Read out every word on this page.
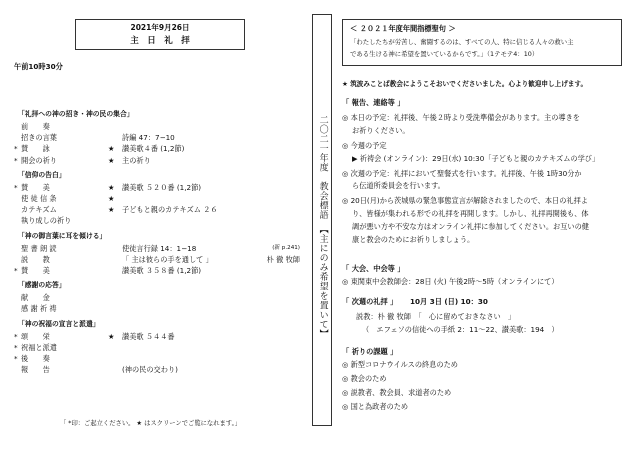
2021年9月26日
主　日　礼　拝
午前10時30分
「礼拝への神の招き・神の民の集合」
前　　奏
招きの言葉	詩編 47：7−10
* 賛　　詠	★ 讃美歌４番 (1,2節)
* 開会の祈り	★ 主の祈り
「信仰の告白」
* 賛　　美	★ 讃美歌 ５２０番 (1,2節)
使 徒 信 条	★
カテキズム	★ 子どもと親のカテキズム ２６
執り成しの祈り
「神の御言葉に耳を傾ける」
聖 書 朗 読	使徒言行録 14：1−18	(新 p.241)
説　　教	「 主は彼らの手を通して 」	朴 徹 牧師
* 賛　　美	讃美歌 ３５８番 (1,2節)
「感謝の応答」
献　　金
感 謝 祈 祷
「神の祝福の宣言と派遣」
* 頌　　栄	★ 讃美歌 ５４４番
* 祝福と派遣
* 後　　奏
報　　告	(神の民の交わり)
「 *印：ご起立ください。 ★ はスクリーンでご覧になれます。」
二〇二一年度　教会標語　【主にのみ希望を置いて】
＜ ２０２１年度年間指標聖句 ＞
「わたしたちが労苦し、奮闘するのは、すべての人、特に信じる人々の救い主
である生ける神に希望を置いているからです。」（1テモテ4：10）
★ 筑波みことば教会にようこそおいでくださいました。心より歓迎申し上げます。
「 報告、連絡等 」
◎ 本日の予定：礼拝後、午後２時より受洗準備会があります。主の導きを
お祈りください。
◎ 今週の予定
▶ 祈祷会 (オンライン)：29日(水) 10:30「子どもと親のカテキズムの学び」
◎ 次週の予定：礼拝において聖餐式を行います。礼拝後、午後 1時30分か
ら伝道所委員会を行います。
◎ 20日(月)から茨城県の緊急事態宣言が解除されましたので、本日の礼拝よ
り、皆様が集われる形での礼拝を再開します。しかし、礼拝再開後も、体
調が悪い方や不安な方はオンライン礼拝に参加してください。お互いの健
康と教会のためにお祈りしましょう。
「 大会、中会等 」
◎ 東関東中会教師会：28日 (火) 午後2時〜5時（オンラインにて）
「 次週の礼拝 」 10月 3日 (日) 10：30
説教：朴 徹 牧師　「　心に留めておきなさい　」
（　エフェソの信徒への手紙 2：11〜22、讃美歌：194　）
「 祈りの課題 」
◎ 新型コロナウイルスの終息のため
◎ 教会のため
◎ 説教者、教会員、求道者のため
◎ 国と為政者のため
